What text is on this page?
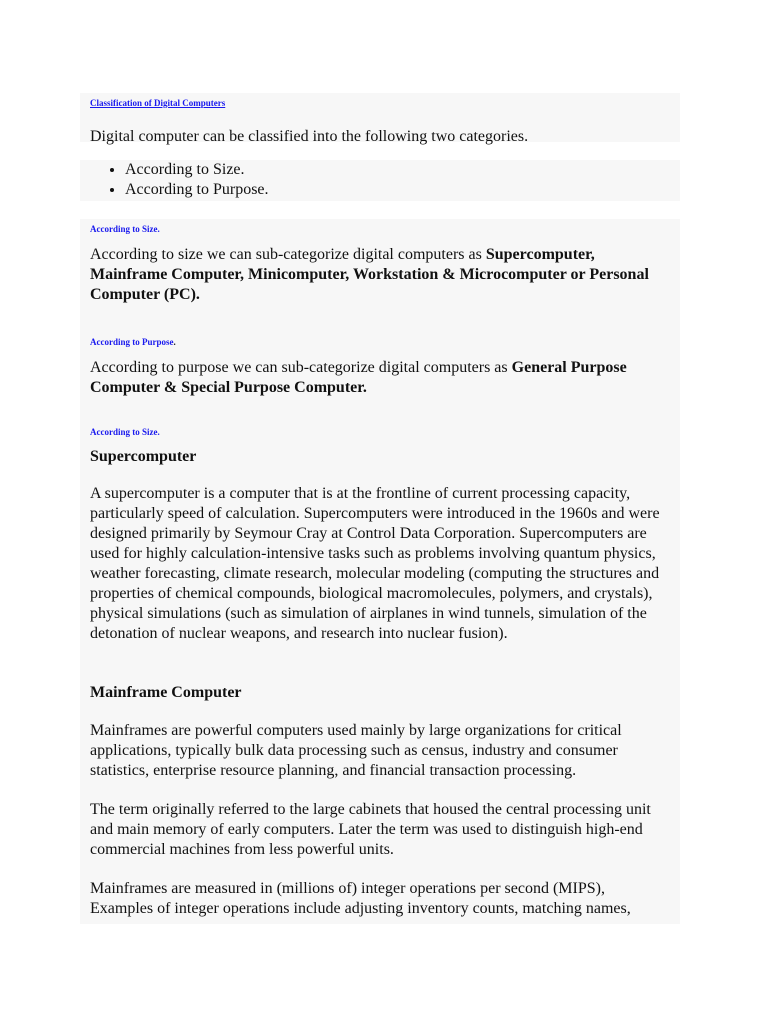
Classification of Digital Computers

Digital computer can be classified into the following two categories.

• According to Size.
• According to Purpose.
According to Size.

According to size we can sub-categorize digital computers as Supercomputer, Mainframe Computer, Minicomputer, Workstation & Microcomputer or Personal Computer (PC).

According to Purpose.

According to purpose we can sub-categorize digital computers as General Purpose Computer & Special Purpose Computer.

According to Size.

Supercomputer

A supercomputer is a computer that is at the frontline of current processing capacity, particularly speed of calculation. Supercomputers were introduced in the 1960s and were designed primarily by Seymour Cray at Control Data Corporation. Supercomputers are used for highly calculation-intensive tasks such as problems involving quantum physics, weather forecasting, climate research, molecular modeling (computing the structures and properties of chemical compounds, biological macromolecules, polymers, and crystals), physical simulations (such as simulation of airplanes in wind tunnels, simulation of the detonation of nuclear weapons, and research into nuclear fusion).

Mainframe Computer

Mainframes are powerful computers used mainly by large organizations for critical applications, typically bulk data processing such as census, industry and consumer statistics, enterprise resource planning, and financial transaction processing.

The term originally referred to the large cabinets that housed the central processing unit and main memory of early computers. Later the term was used to distinguish high-end commercial machines from less powerful units.

Mainframes are measured in (millions of) integer operations per second (MIPS), Examples of integer operations include adjusting inventory counts, matching names,
